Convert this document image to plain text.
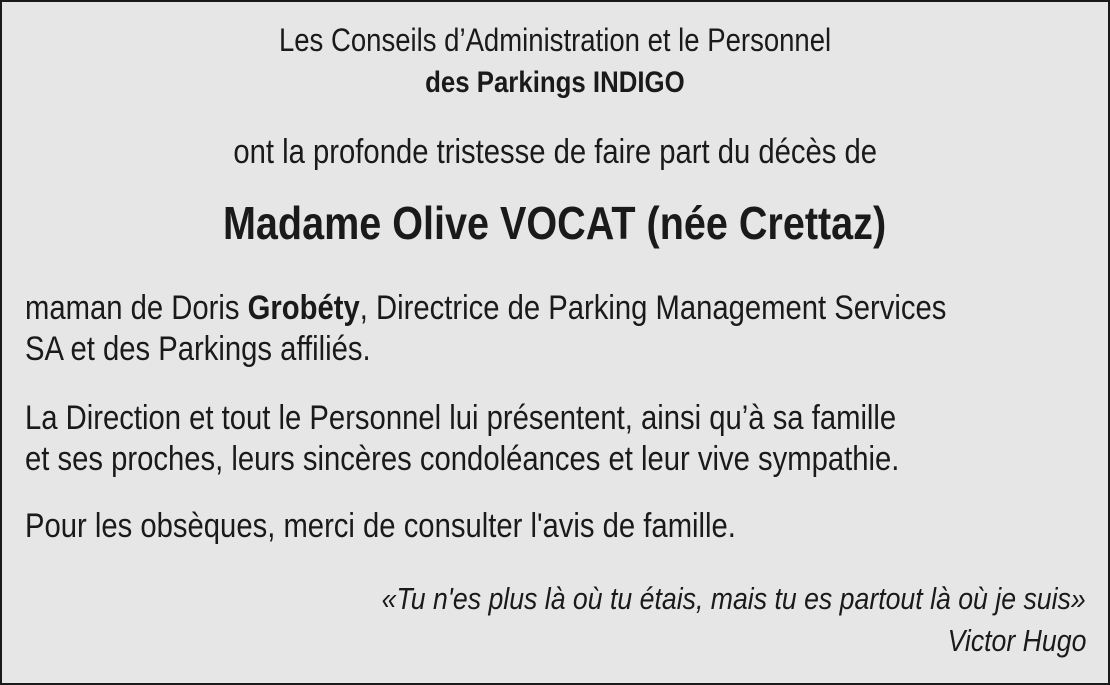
Les Conseils d’Administration et le Personnel
des Parkings INDIGO
ont la profonde tristesse de faire part du décès de
Madame Olive VOCAT (née Crettaz)
maman de Doris Grobéty, Directrice de Parking Management Services
SA et des Parkings affiliés.
La Direction et tout le Personnel lui présentent, ainsi qu’à sa famille
et ses proches, leurs sincères condoléances et leur vive sympathie.
Pour les obsèques, merci de consulter l'avis de famille.
«Tu n'es plus là où tu étais, mais tu es partout là où je suis»
Victor Hugo
